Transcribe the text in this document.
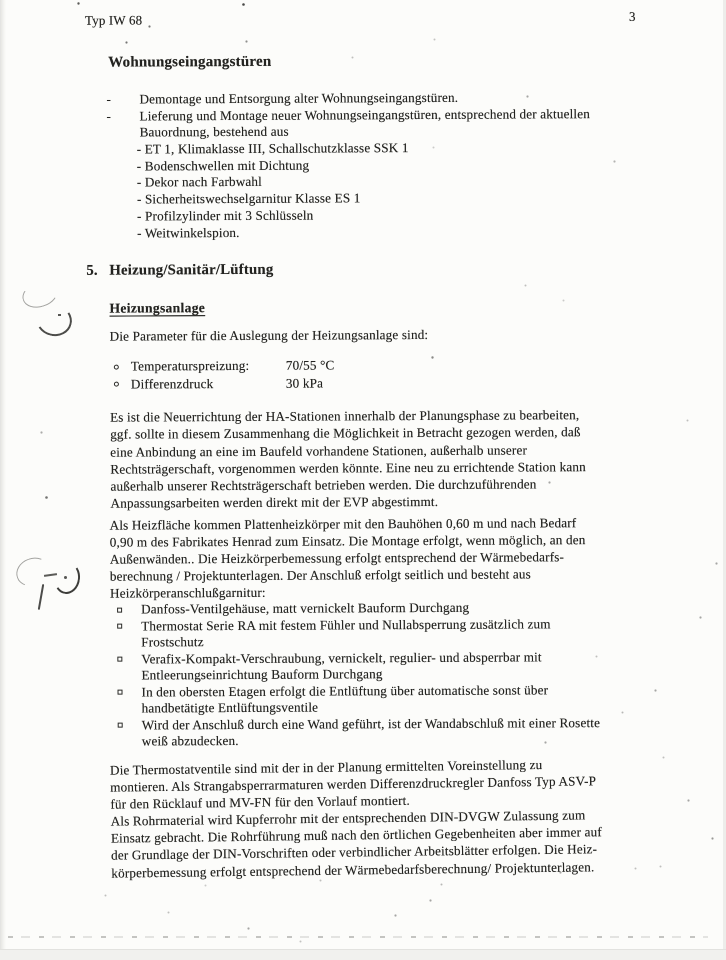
Typ IW 68	3
Wohnungseingangstüren
-	Demontage und Entsorgung alter Wohnungseingangstüren.
-	Lieferung und Montage neuer Wohnungseingangstüren, entsprechend der aktuellen
Bauordnung, bestehend aus
- ET 1, Klimaklasse III, Schallschutzklasse SSK 1
- Bodenschwellen mit Dichtung
- Dekor nach Farbwahl
- Sicherheitswechselgarnitur Klasse ES 1
- Profilzylinder mit 3 Schlüsseln
- Weitwinkelspion.
5. Heizung/Sanitär/Lüftung
Heizungsanlage
Die Parameter für die Auslegung der Heizungsanlage sind:
Temperaturspreizung:	70/55 °C
Differenzdruck	30 kPa
Es ist die Neuerrichtung der HA-Stationen innerhalb der Planungsphase zu bearbeiten,
ggf. sollte in diesem Zusammenhang die Möglichkeit in Betracht gezogen werden, daß
eine Anbindung an eine im Baufeld vorhandene Stationen, außerhalb unserer
Rechtsträgerschaft, vorgenommen werden könnte. Eine neu zu errichtende Station kann
außerhalb unserer Rechtsträgerschaft betrieben werden. Die durchzuführenden
Anpassungsarbeiten werden direkt mit der EVP abgestimmt.
Als Heizfläche kommen Plattenheizkörper mit den Bauhöhen 0,60 m und nach Bedarf
0,90 m des Fabrikates Henrad zum Einsatz. Die Montage erfolgt, wenn möglich, an den
Außenwänden.. Die Heizkörperbemessung erfolgt entsprechend der Wärmebedarfs-
berechnung / Projektunterlagen. Der Anschluß erfolgt seitlich und besteht aus
Heizkörperanschlußgarnitur:
Danfoss-Ventilgehäuse, matt vernickelt Bauform Durchgang
Thermostat Serie RA mit festem Fühler und Nullabsperrung zusätzlich zum
Frostschutz
Verafix-Kompakt-Verschraubung, vernickelt, regulier- und absperrbar mit
Entleerungseinrichtung Bauform Durchgang
In den obersten Etagen erfolgt die Entlüftung über automatische sonst über
handbetätigte Entlüftungsventile
Wird der Anschluß durch eine Wand geführt, ist der Wandabschluß mit einer Rosette
weiß abzudecken.
Die Thermostatventile sind mit der in der Planung ermittelten Voreinstellung zu
montieren. Als Strangabsperrarmaturen werden Differenzdruckregler Danfoss Typ ASV-P
für den Rücklauf und MV-FN für den Vorlauf montiert.
Als Rohrmaterial wird Kupferrohr mit der entsprechenden DIN-DVGW Zulassung zum
Einsatz gebracht. Die Rohrführung muß nach den örtlichen Gegebenheiten aber immer auf
der Grundlage der DIN-Vorschriften oder verbindlicher Arbeitsblätter erfolgen. Die Heiz-
körperbemessung erfolgt entsprechend der Wärmebedarfsberechnung/ Projektunterlagen.
